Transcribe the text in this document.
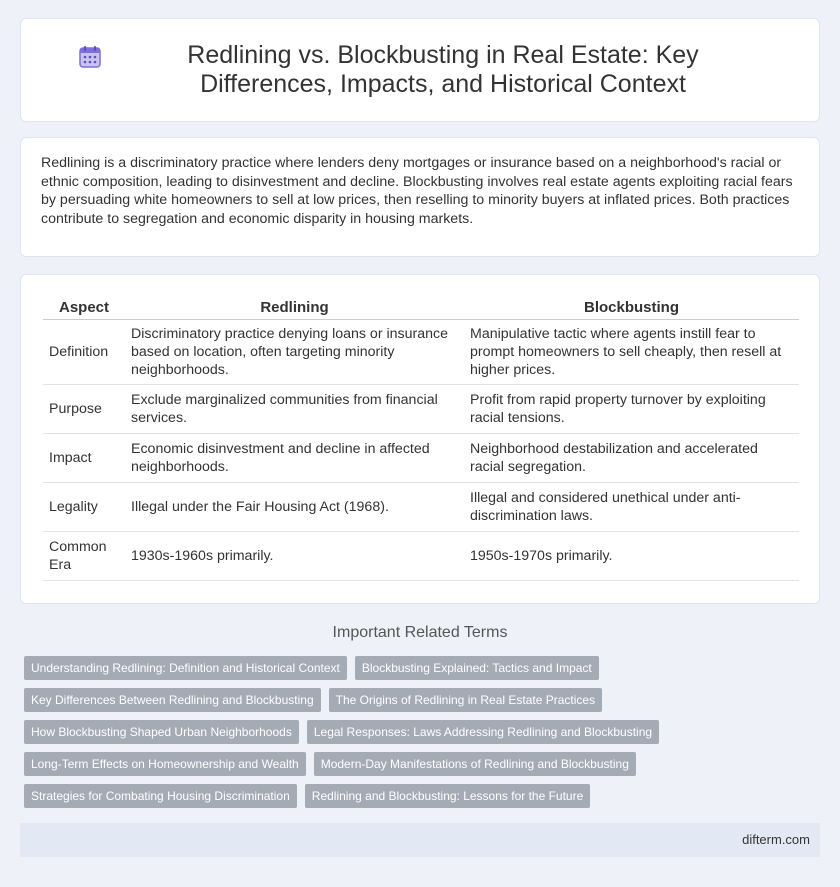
Redlining vs. Blockbusting in Real Estate: Key Differences, Impacts, and Historical Context

Redlining is a discriminatory practice where lenders deny mortgages or insurance based on a neighborhood's racial or ethnic composition, leading to disinvestment and decline. Blockbusting involves real estate agents exploiting racial fears by persuading white homeowners to sell at low prices, then reselling to minority buyers at inflated prices. Both practices contribute to segregation and economic disparity in housing markets.

Aspect	Redlining	Blockbusting
Definition	Discriminatory practice denying loans or insurance based on location, often targeting minority neighborhoods.	Manipulative tactic where agents instill fear to prompt homeowners to sell cheaply, then resell at higher prices.
Purpose	Exclude marginalized communities from financial services.	Profit from rapid property turnover by exploiting racial tensions.
Impact	Economic disinvestment and decline in affected neighborhoods.	Neighborhood destabilization and accelerated racial segregation.
Legality	Illegal under the Fair Housing Act (1968).	Illegal and considered unethical under anti-discrimination laws.
Common Era	1930s-1960s primarily.	1950s-1970s primarily.
Important Related Terms
Understanding Redlining: Definition and Historical Context	Blockbusting Explained: Tactics and Impact
Key Differences Between Redlining and Blockbusting	The Origins of Redlining in Real Estate Practices
How Blockbusting Shaped Urban Neighborhoods	Legal Responses: Laws Addressing Redlining and Blockbusting
Long-Term Effects on Homeownership and Wealth	Modern-Day Manifestations of Redlining and Blockbusting
Strategies for Combating Housing Discrimination	Redlining and Blockbusting: Lessons for the Future
difterm.com
